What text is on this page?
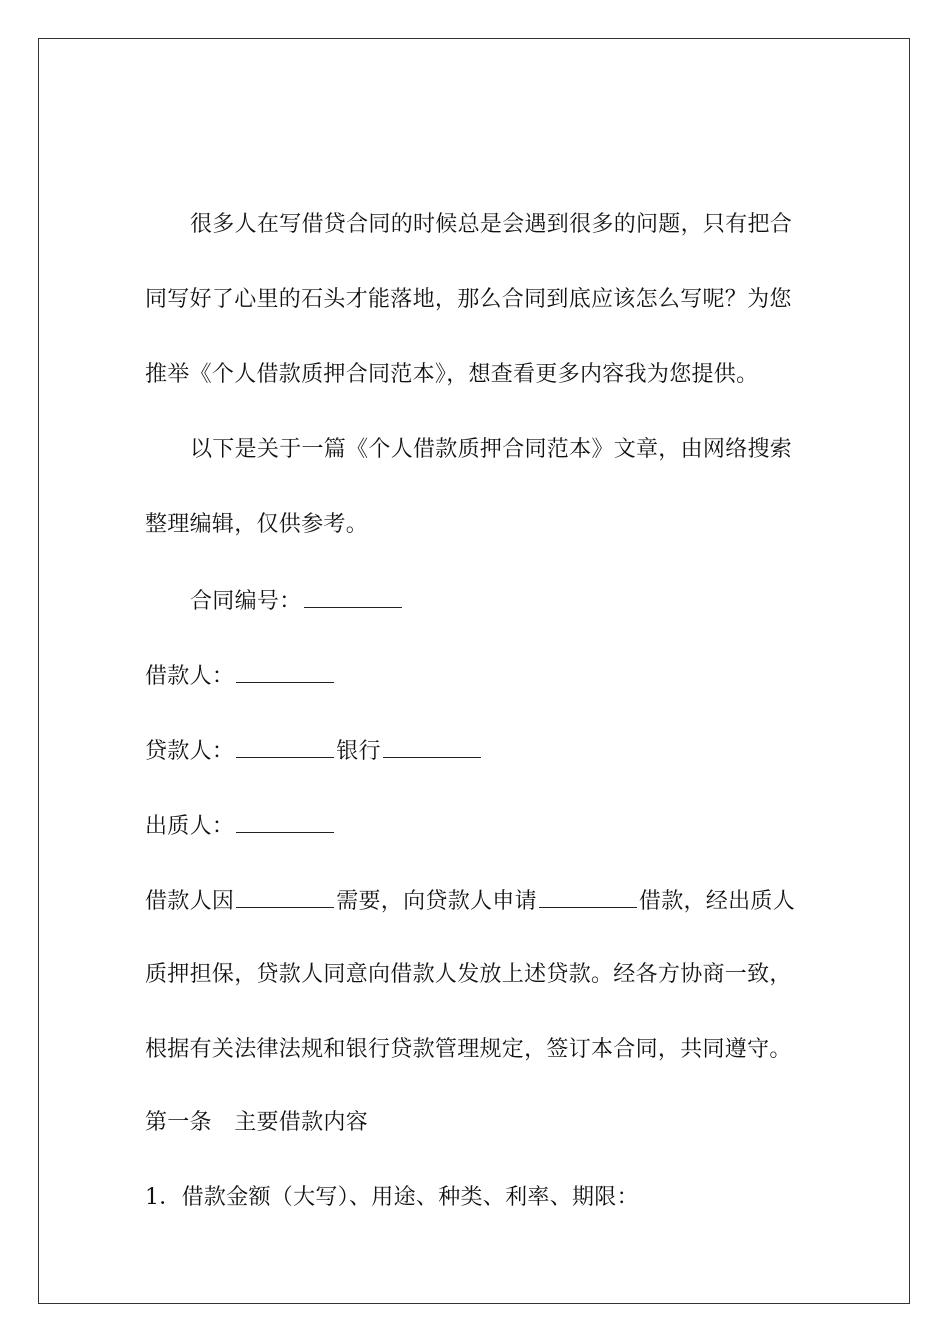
很多人在写借贷合同的时候总是会遇到很多的问题，只有把合
同写好了心里的石头才能落地，那么合同到底应该怎么写呢？为您
推举《个人借款质押合同范本》，想查看更多内容我为您提供。
以下是关于一篇《个人借款质押合同范本》文章，由网络搜索
整理编辑，仅供参考。
合同编号：
借款人：
贷款人：	银行
出质人：
借款人因	需要，向贷款人申请	借款，经出质人
质押担保，贷款人同意向借款人发放上述贷款。经各方协商一致，
根据有关法律法规和银行贷款管理规定，签订本合同，共同遵守。
第一条　主要借款内容
1．借款金额（大写）、用途、种类、利率、期限：
